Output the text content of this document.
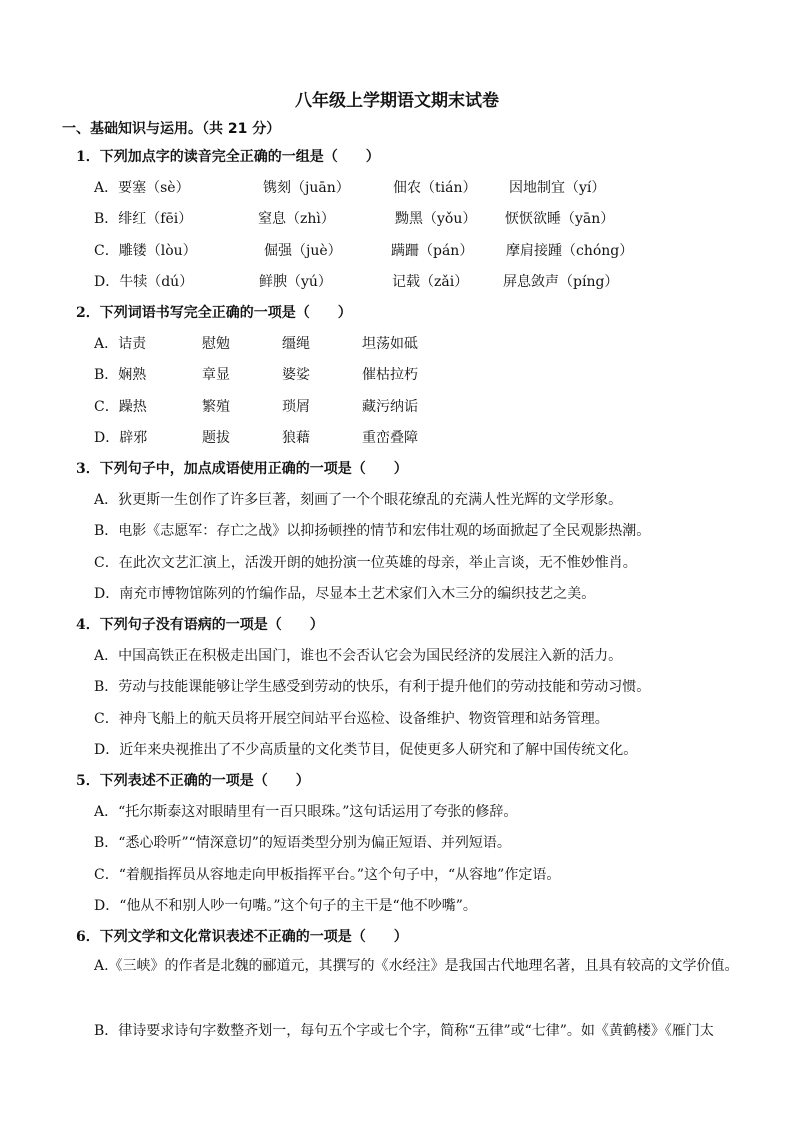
八年级上学期语文期末试卷
一、基础知识与运用。（共 21 分）
1．下列加点字的读音完全正确的一组是（　　）
A．要塞（sè）	镌刻（juān）	佃农（tián） 因地制宜（yí）
B．绯红（fēi）	窒息（zhì）	黝黑（yǒu） 恹恹欲睡（yān）
C．雕镂（lòu）	倔强（juè）	蹒跚（pán） 摩肩接踵（chóng）
D．牛犊（dú）	鲜腴（yú）	记载（zǎi） 屏息敛声（píng）
2．下列词语书写完全正确的一项是（　　）
A．诘责	慰勉	缰绳	坦荡如砥
B．娴熟	章显	婆娑	催枯拉朽
C．躁热	繁殖	琐屑	藏污纳诟
D．辟邪	题拔	狼藉	重峦叠障
3．下列句子中，加点成语使用正确的一项是（　　）
A．狄更斯一生创作了许多巨著，刻画了一个个眼花缭乱的充满人性光辉的文学形象。
B．电影《志愿军：存亡之战》以抑扬顿挫的情节和宏伟壮观的场面掀起了全民观影热潮。
C．在此次文艺汇演上，活泼开朗的她扮演一位英雄的母亲，举止言谈，无不惟妙惟肖。
D．南充市博物馆陈列的竹编作品，尽显本土艺术家们入木三分的编织技艺之美。
4．下列句子没有语病的一项是（　　）
A．中国高铁正在积极走出国门，谁也不会否认它会为国民经济的发展注入新的活力。
B．劳动与技能课能够让学生感受到劳动的快乐，有利于提升他们的劳动技能和劳动习惯。
C．神舟飞船上的航天员将开展空间站平台巡检、设备维护、物资管理和站务管理。
D．近年来央视推出了不少高质量的文化类节目，促使更多人研究和了解中国传统文化。
5．下列表述不正确的一项是（　　）
A．“托尔斯泰这对眼睛里有一百只眼珠。”这句话运用了夸张的修辞。
B．“悉心聆听”“情深意切”的短语类型分别为偏正短语、并列短语。
C．“着舰指挥员从容地走向甲板指挥平台。”这个句子中，“从容地”作定语。
D．“他从不和别人吵一句嘴。”这个句子的主干是“他不吵嘴”。
6．下列文学和文化常识表述不正确的一项是（　　）
A.《三峡》的作者是北魏的郦道元，其撰写的《水经注》是我国古代地理名著，且具有较高的文学价值。
B．律诗要求诗句字数整齐划一，每句五个字或七个字，简称“五律”或“七律”。如《黄鹤楼》《雁门太
